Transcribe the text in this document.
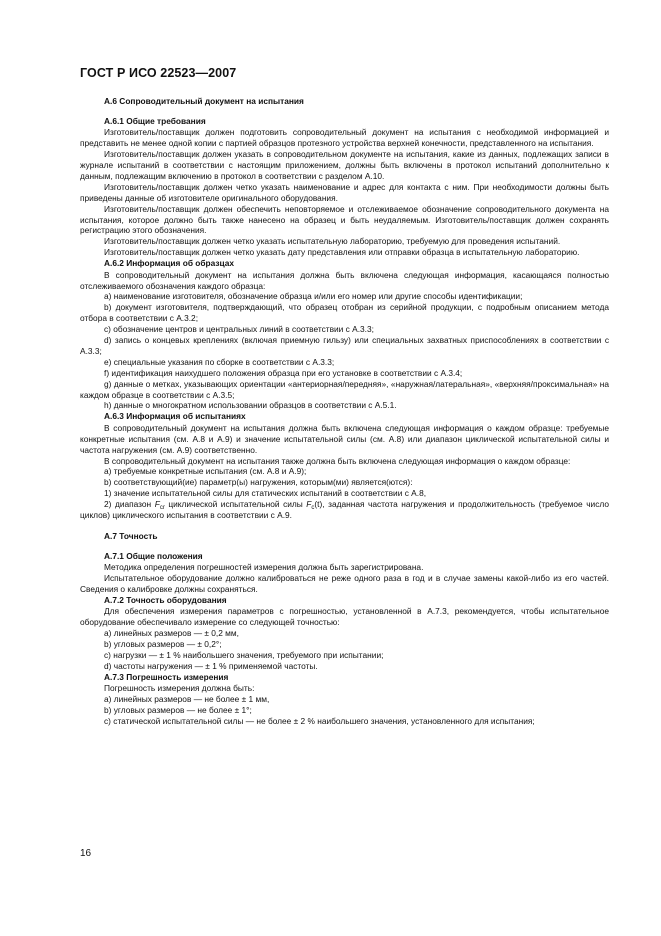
ГОСТ Р ИСО 22523—2007
А.6 Сопроводительный документ на испытания
А.6.1 Общие требования

Изготовитель/поставщик должен подготовить сопроводительный документ на испытания с необходимой информацией и представить не менее одной копии с партией образцов протезного устройства верхней конечности, представленного на испытания.

Изготовитель/поставщик должен указать в сопроводительном документе на испытания, какие из данных, подлежащих записи в журнале испытаний в соответствии с настоящим приложением, должны быть включены в протокол испытаний дополнительно к данным, подлежащим включению в протокол в соответствии с разделом А.10.

Изготовитель/поставщик должен четко указать наименование и адрес для контакта с ним. При необходимости должны быть приведены данные об изготовителе оригинального оборудования.

Изготовитель/поставщик должен обеспечить неповторяемое и отслеживаемое обозначение сопроводительного документа на испытания, которое должно быть также нанесено на образец и быть неудаляемым. Изготовитель/поставщик должен сохранять регистрацию этого обозначения.

Изготовитель/поставщик должен четко указать испытательную лабораторию, требуемую для проведения испытаний.

Изготовитель/поставщик должен четко указать дату представления или отправки образца в испытательную лабораторию.

А.6.2 Информация об образцах

В сопроводительный документ на испытания должна быть включена следующая информация, касающаяся полностью отслеживаемого обозначения каждого образца:

a) наименование изготовителя, обозначение образца и/или его номер или другие способы идентификации;

b) документ изготовителя, подтверждающий, что образец отобран из серийной продукции, с подробным описанием метода отбора в соответствии с А.3.2;

c) обозначение центров и центральных линий в соответствии с А.3.3;

d) запись о концевых креплениях (включая приемную гильзу) или специальных захватных приспособлениях в соответствии с А.3.3;

e) специальные указания по сборке в соответствии с А.3.3;

f) идентификация наихудшего положения образца при его установке в соответствии с А.3.4;

g) данные о метках, указывающих ориентации «антериорная/передняя», «наружная/латеральная», «верхняя/проксимальная» на каждом образце в соответствии с А.3.5;

h) данные о многократном использовании образцов в соответствии с А.5.1.

А.6.3 Информация об испытаниях

В сопроводительный документ на испытания должна быть включена следующая информация о каждом образце: требуемые конкретные испытания (см. А.8 и А.9) и значение испытательной силы (см. А.8) или диапазон циклической испытательной силы и частота нагружения (см. А.9) соответственно.

В сопроводительный документ на испытания также должна быть включена следующая информация о каждом образце:

a) требуемые конкретные испытания (см. А.8 и А.9);

b) соответствующий(ие) параметр(ы) нагружения, которым(ми) является(ются):

1) значение испытательной силы для статических испытаний в соответствии с А.8,

2) диапазон $F_{cr}$ циклической испытательной силы $F_c(t)$, заданная частота нагружения и продолжительность (требуемое число циклов) циклического испытания в соответствии с А.9.

А.7 Точность
А.7.1 Общие положения

Методика определения погрешностей измерения должна быть зарегистрирована.

Испытательное оборудование должно калиброваться не реже одного раза в год и в случае замены какой-либо из его частей. Сведения о калибровке должны сохраняться.

А.7.2 Точность оборудования

Для обеспечения измерения параметров с погрешностью, установленной в А.7.3, рекомендуется, чтобы испытательное оборудование обеспечивало измерение со следующей точностью:

a) линейных размеров — ± 0,2 мм,

b) угловых размеров — ± 0,2°;

c) нагрузки — ± 1 % наибольшего значения, требуемого при испытании;

d) частоты нагружения — ± 1 % применяемой частоты.

А.7.3 Погрешность измерения

Погрешность измерения должна быть:

a) линейных размеров — не более ± 1 мм,

b) угловых размеров — не более ± 1°;

c) статической испытательной силы — не более ± 2 % наибольшего значения, установленного для испытания;

16
